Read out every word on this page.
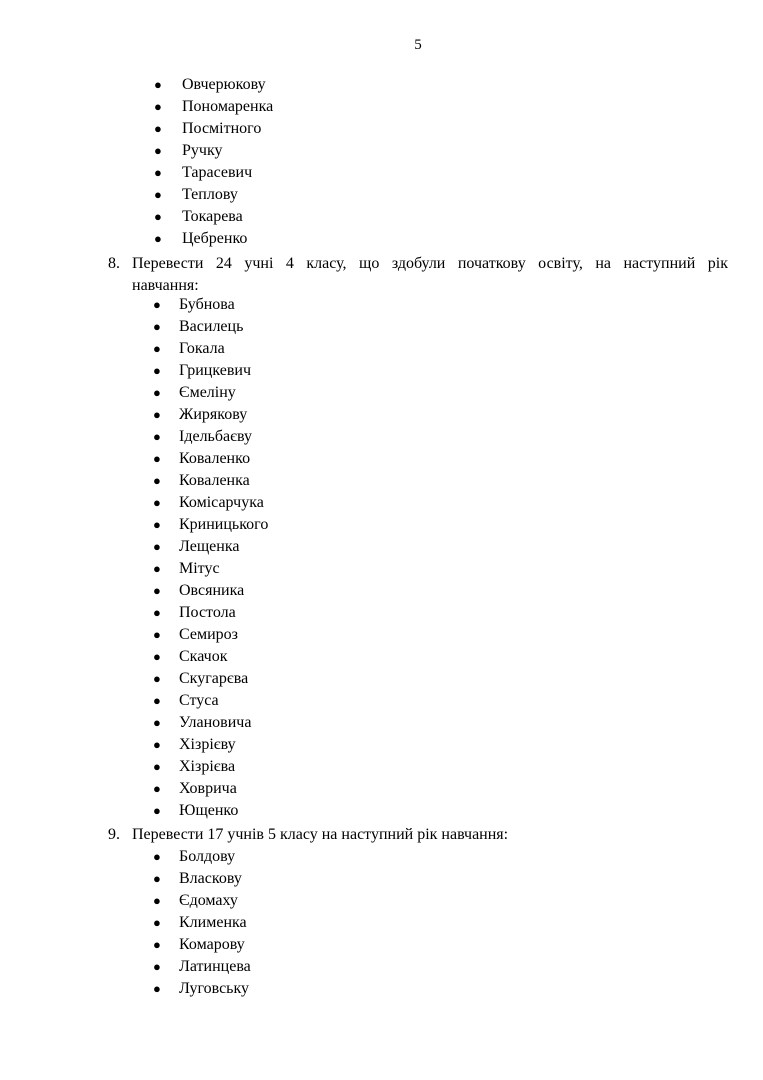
5
●	Овчерюкову
●	Пономаренка
●	Посмітного
●	Ручку
●	Тарасевич
●	Теплову
●	Токарева
●	Цебренко
8. Перевести 24 учні 4 класу, що здобули початкову освіту, на наступний рік
навчання:
●	Бубнова
●	Василець
●	Гокала
●	Грицкевич
●	Ємеліну
●	Жирякову
●	Ідельбаєву
●	Коваленко
●	Коваленка
●	Комісарчука
●	Криницького
●	Лещенка
●	Мітус
●	Овсяника
●	Постола
●	Семироз
●	Скачок
●	Скугарєва
●	Стуса
●	Улановича
●	Хізрієву
●	Хізрієва
●	Ховрича
●	Ющенко
9. Перевести 17 учнів 5 класу на наступний рік навчання:
●	Болдову
●	Власкову
●	Єдомаху
●	Клименка
●	Комарову
●	Латинцева
●	Луговську
